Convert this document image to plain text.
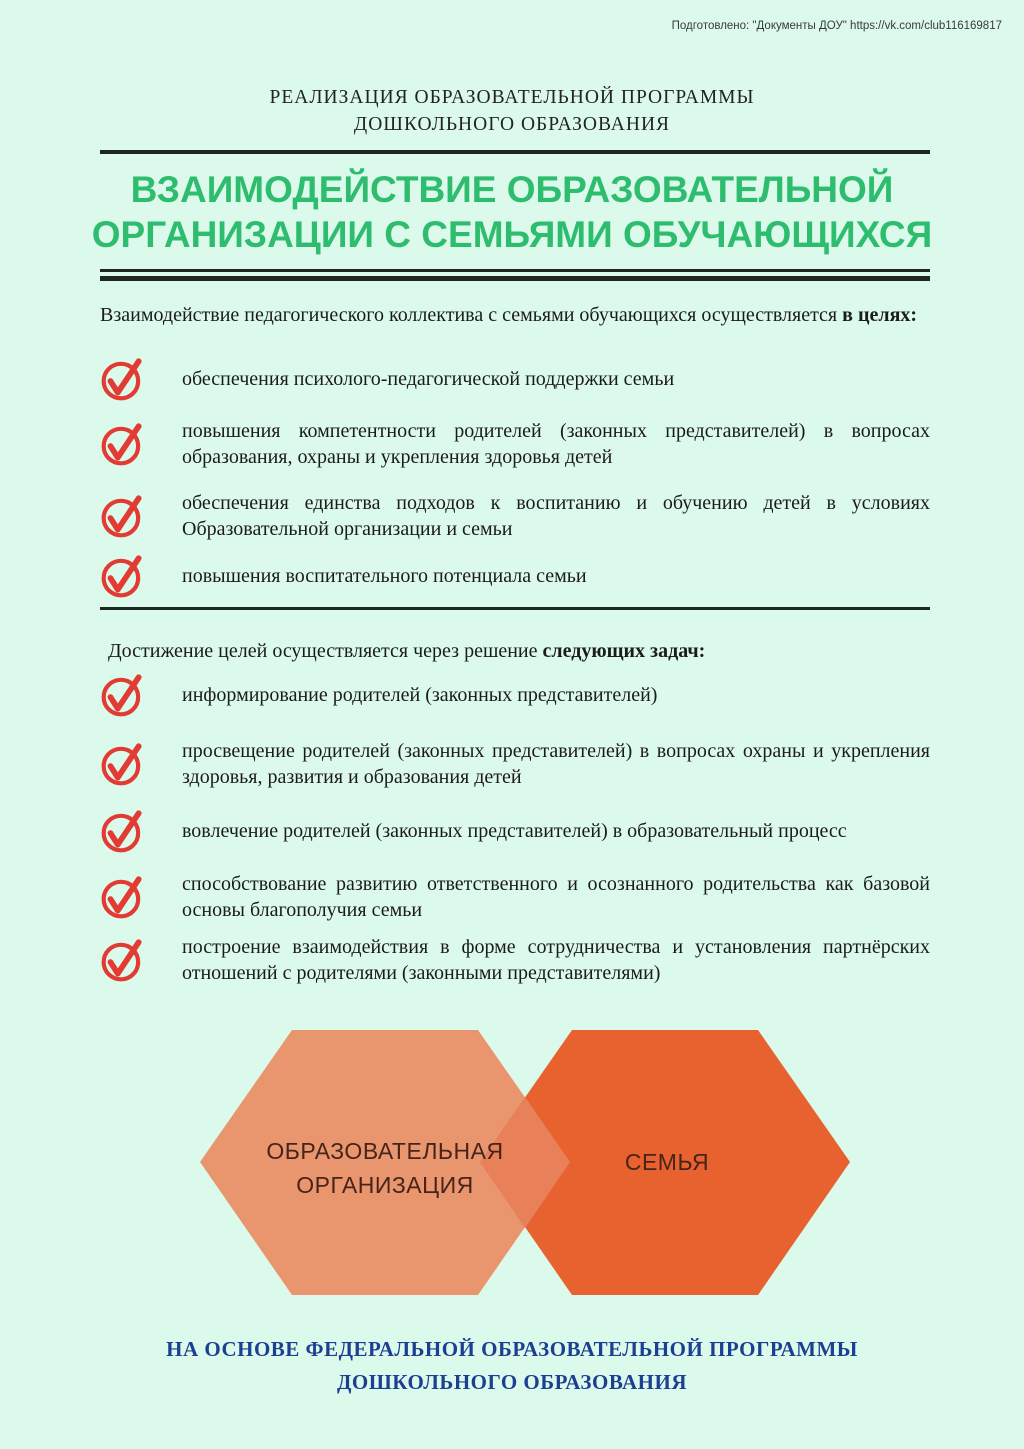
Подготовлено: "Документы ДОУ" https://vk.com/club116169817
РЕАЛИЗАЦИЯ ОБРАЗОВАТЕЛЬНОЙ ПРОГРАММЫ
ДОШКОЛЬНОГО ОБРАЗОВАНИЯ
ВЗАИМОДЕЙСТВИЕ ОБРАЗОВАТЕЛЬНОЙ
ОРГАНИЗАЦИИ С СЕМЬЯМИ ОБУЧАЮЩИХСЯ

Взаимодействие педагогического коллектива с семьями обучающихся осуществляется в целях:

обеспечения психолого-педагогической поддержки семьи
повышения компетентности родителей (законных представителей) в вопросах образования, охраны и укрепления здоровья детей
обеспечения единства подходов к воспитанию и обучению детей в условиях Образовательной организации и семьи
повышения воспитательного потенциала семьи

Достижение целей осуществляется через решение следующих задач:

информирование родителей (законных представителей)
просвещение родителей (законных представителей) в вопросах охраны и укрепления здоровья, развития и образования детей
вовлечение родителей (законных представителей) в образовательный процесс
способствование развитию ответственного и осознанного родительства как базовой основы благополучия семьи
построение взаимодействия в форме сотрудничества и установления партнёрских отношений с родителями (законными представителями)
ОБРАЗОВАТЕЛЬНАЯ
ОРГАНИЗАЦИЯ
СЕМЬЯ
НА ОСНОВЕ ФЕДЕРАЛЬНОЙ ОБРАЗОВАТЕЛЬНОЙ ПРОГРАММЫ
ДОШКОЛЬНОГО ОБРАЗОВАНИЯ
